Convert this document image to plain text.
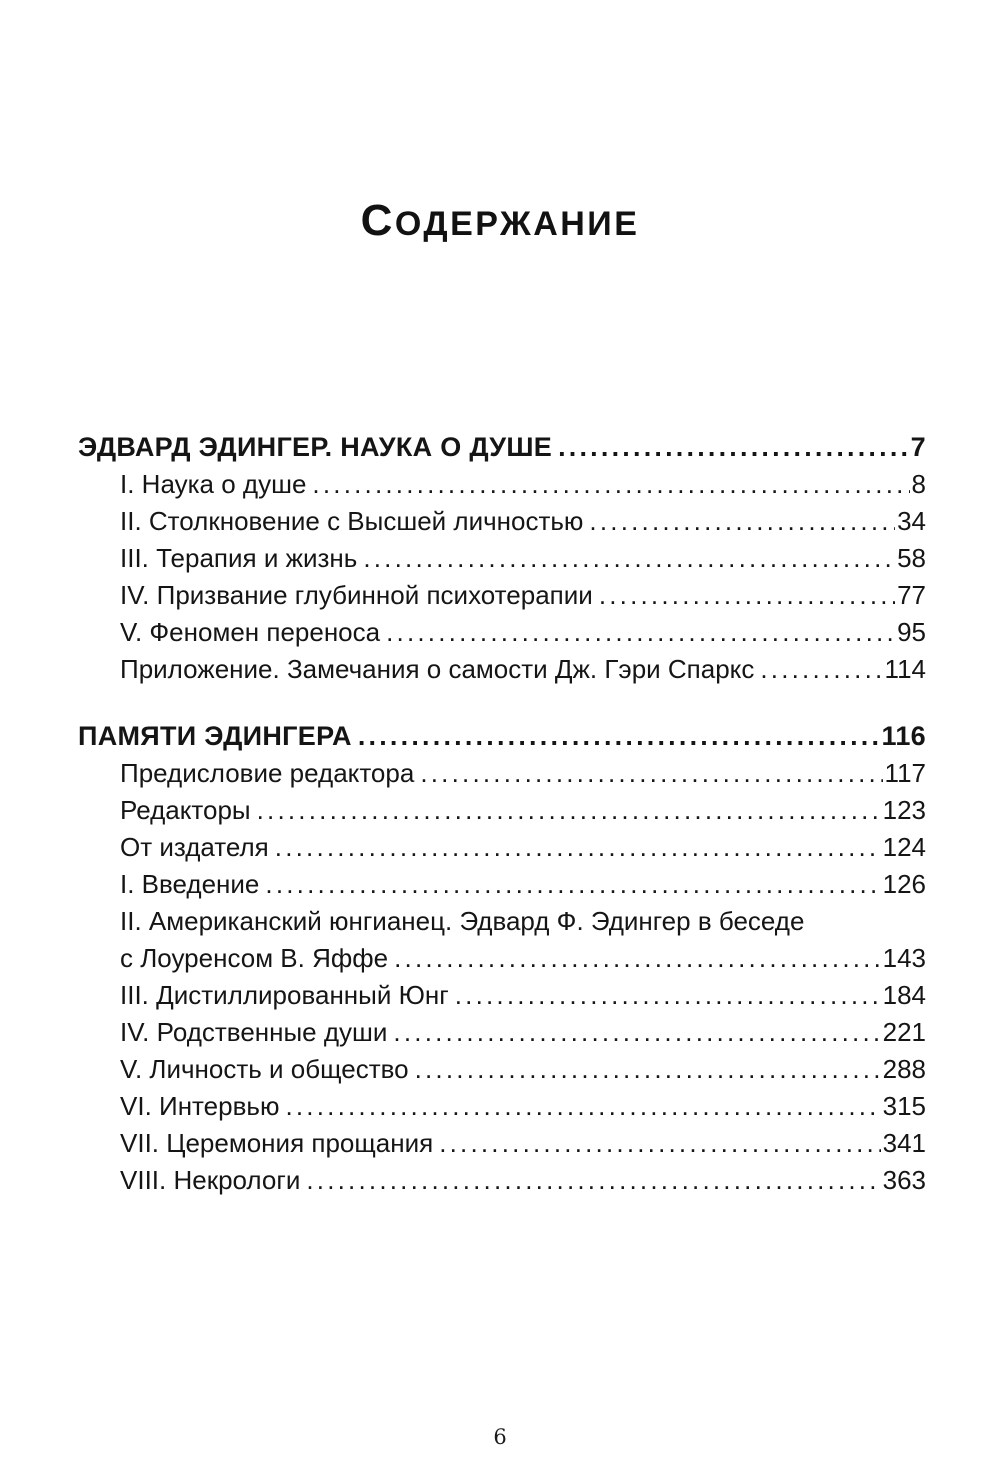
СОДЕРЖАНИЕ
ЭДВАРД ЭДИНГЕР. НАУКА О ДУШЕ .....	7
I. Наука о душе .....	8
II. Столкновение с Высшей личностью .....	34
III. Терапия и жизнь .....	58
IV. Призвание глубинной психотерапии .....	77
V. Феномен переноса .....	95
Приложение. Замечания о самости Дж. Гэри Спаркс .....	114
ПАМЯТИ ЭДИНГЕРА .....	116
Предисловие редактора .....	117
Редакторы .....	123
От издателя .....	124
I. Введение .....	126
II. Американский юнгианец. Эдвард Ф. Эдингер в беседе
с Лоуренсом В. Яффе .....	143
III. Дистиллированный Юнг .....	184
IV. Родственные души .....	221
V. Личность и общество .....	288
VI. Интервью .....	315
VII. Церемония прощания .....	341
VIII. Некрологи .....	363
6
